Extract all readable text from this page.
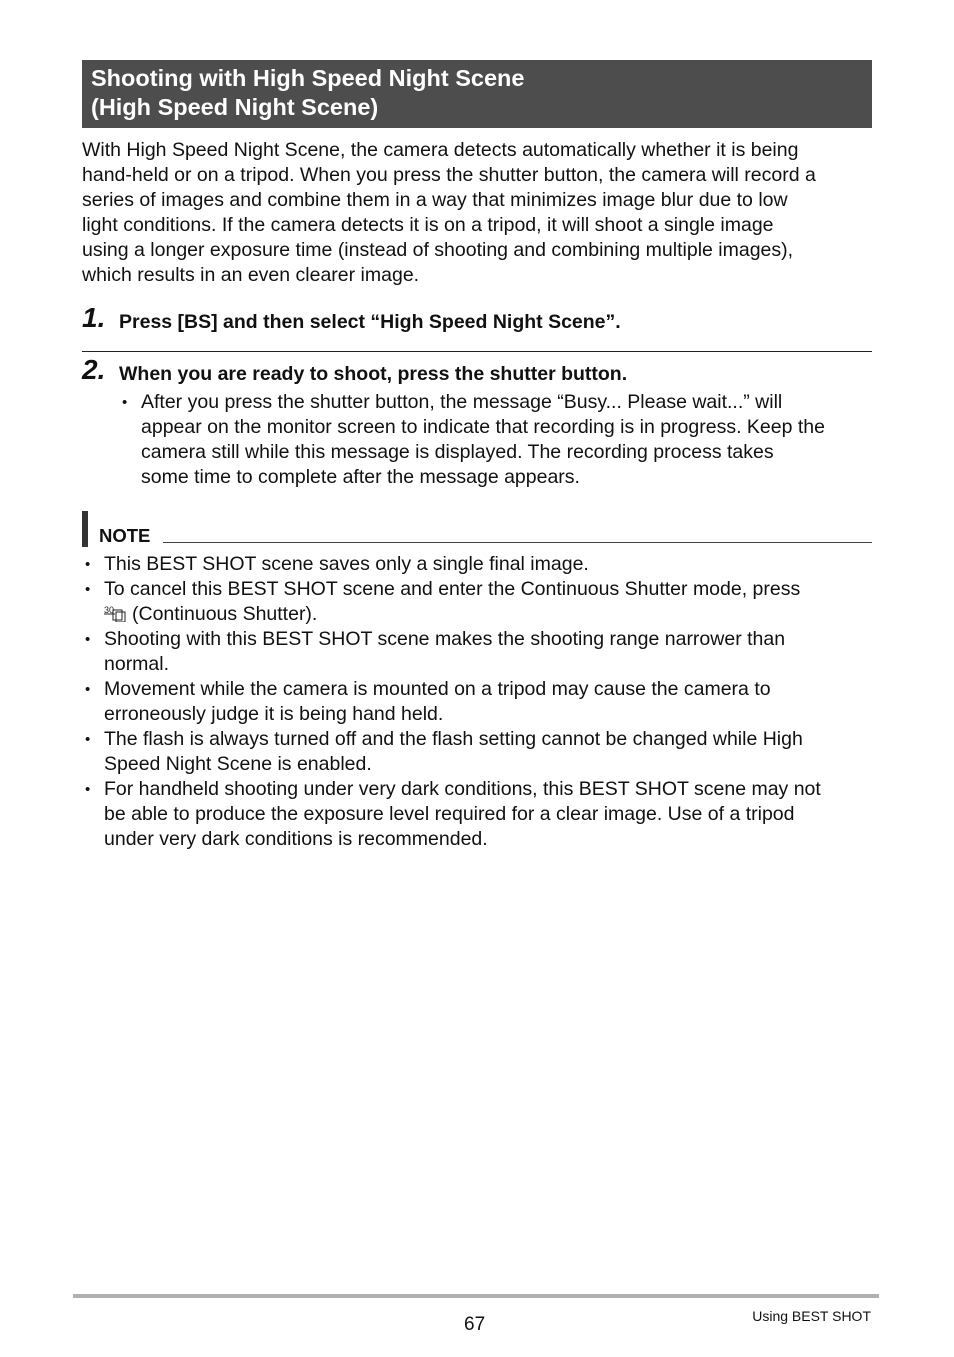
Shooting with High Speed Night Scene
(High Speed Night Scene)
With High Speed Night Scene, the camera detects automatically whether it is being
hand-held or on a tripod. When you press the shutter button, the camera will record a
series of images and combine them in a way that minimizes image blur due to low
light conditions. If the camera detects it is on a tripod, it will shoot a single image
using a longer exposure time (instead of shooting and combining multiple images),
which results in an even clearer image.
1. Press [BS] and then select “High Speed Night Scene”.
2. When you are ready to shoot, press the shutter button.
• After you press the shutter button, the message “Busy... Please wait...” will
appear on the monitor screen to indicate that recording is in progress. Keep the
camera still while this message is displayed. The recording process takes
some time to complete after the message appears.
NOTE
• This BEST SHOT scene saves only a single final image.
• To cancel this BEST SHOT scene and enter the Continuous Shutter mode, press
30 (Continuous Shutter).
• Shooting with this BEST SHOT scene makes the shooting range narrower than
normal.
• Movement while the camera is mounted on a tripod may cause the camera to
erroneously judge it is being hand held.
• The flash is always turned off and the flash setting cannot be changed while High
Speed Night Scene is enabled.
• For handheld shooting under very dark conditions, this BEST SHOT scene may not
be able to produce the exposure level required for a clear image. Use of a tripod
under very dark conditions is recommended.
67	Using BEST SHOT
